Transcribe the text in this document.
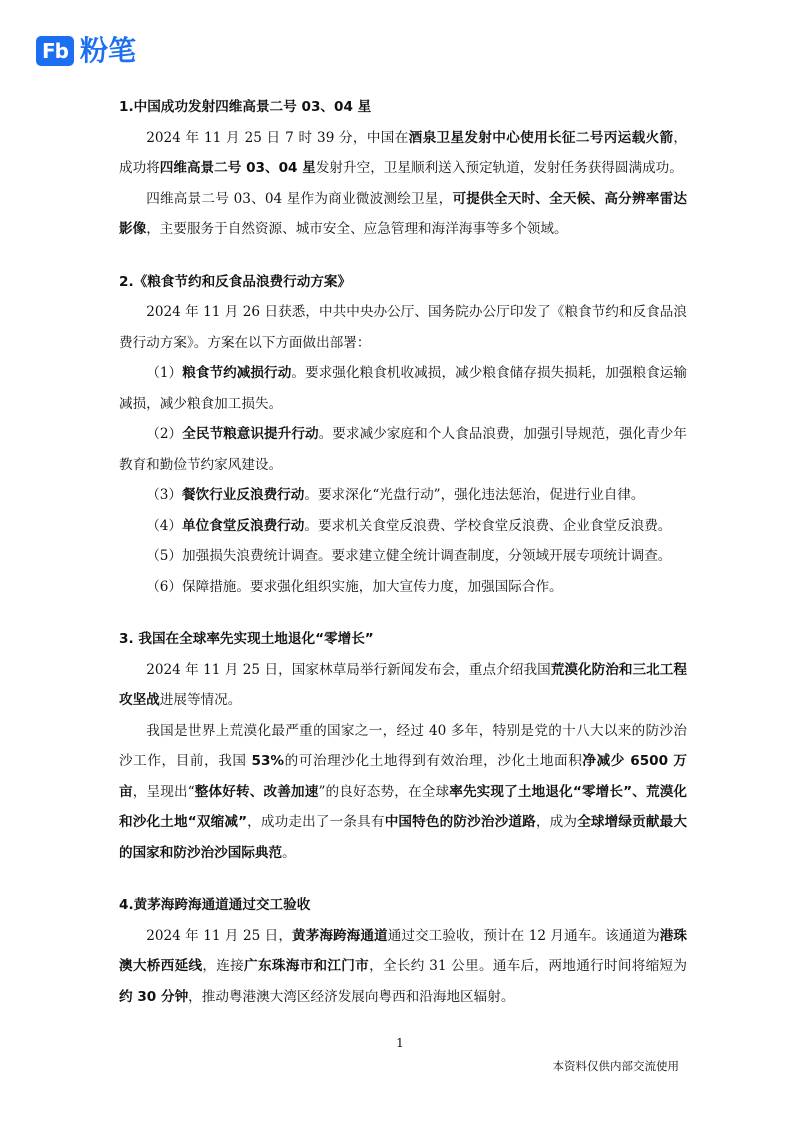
Fb 粉笔

1.中国成功发射四维高景二号 03、04 星

2024 年 11 月 25 日 7 时 39 分，中国在酒泉卫星发射中心使用长征二号丙运载火箭，成功将四维高景二号 03、04 星发射升空，卫星顺利送入预定轨道，发射任务获得圆满成功。

四维高景二号 03、04 星作为商业微波测绘卫星，可提供全天时、全天候、高分辨率雷达影像，主要服务于自然资源、城市安全、应急管理和海洋海事等多个领域。

2.《粮食节约和反食品浪费行动方案》

2024 年 11 月 26 日获悉，中共中央办公厅、国务院办公厅印发了《粮食节约和反食品浪费行动方案》。方案在以下方面做出部署：

（1）粮食节约减损行动。要求强化粮食机收减损，减少粮食储存损失损耗，加强粮食运输减损，减少粮食加工损失。

（2）全民节粮意识提升行动。要求减少家庭和个人食品浪费，加强引导规范，强化青少年教育和勤俭节约家风建设。

（3）餐饮行业反浪费行动。要求深化“光盘行动”，强化违法惩治，促进行业自律。

（4）单位食堂反浪费行动。要求机关食堂反浪费、学校食堂反浪费、企业食堂反浪费。

（5）加强损失浪费统计调查。要求建立健全统计调查制度，分领域开展专项统计调查。

（6）保障措施。要求强化组织实施，加大宣传力度，加强国际合作。

3. 我国在全球率先实现土地退化“零增长”

2024 年 11 月 25 日，国家林草局举行新闻发布会，重点介绍我国荒漠化防治和三北工程攻坚战进展等情况。

我国是世界上荒漠化最严重的国家之一，经过 40 多年，特别是党的十八大以来的防沙治沙工作，目前，我国 53%的可治理沙化土地得到有效治理，沙化土地面积净减少 6500 万亩，呈现出“整体好转、改善加速”的良好态势，在全球率先实现了土地退化“零增长”、荒漠化和沙化土地“双缩减”，成功走出了一条具有中国特色的防沙治沙道路，成为全球增绿贡献最大的国家和防沙治沙国际典范。

4.黄茅海跨海通道通过交工验收

2024 年 11 月 25 日，黄茅海跨海通道通过交工验收，预计在 12 月通车。该通道为港珠澳大桥西延线，连接广东珠海市和江门市，全长约 31 公里。通车后，两地通行时间将缩短为约 30 分钟，推动粤港澳大湾区经济发展向粤西和沿海地区辐射。

1
本资料仅供内部交流使用
